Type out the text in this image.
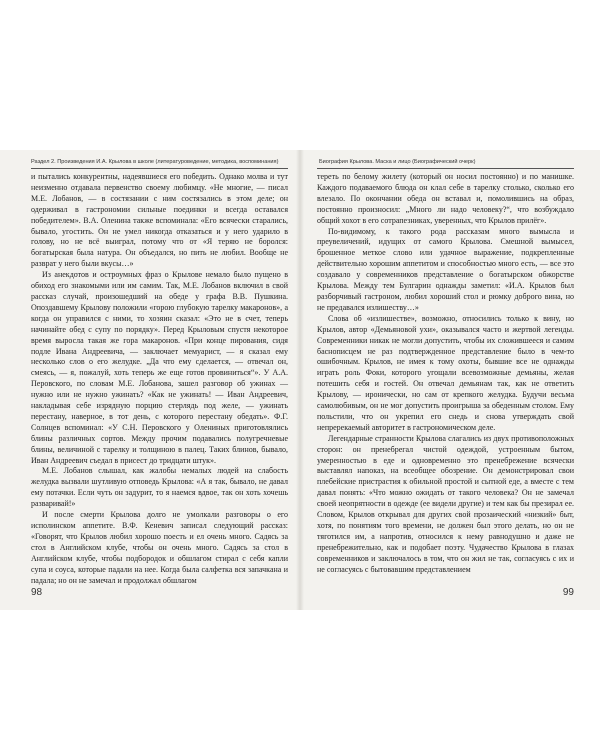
Раздел 2. Произведения И.А. Крылова в школе (литературоведение, методика, воспоминания)

и пытались конкурентны, надеявшиеся его победить. Однако молва и тут неизменно отдавала первенство своему любимцу. «Не многие, — писал М.Е. Лобанов, — в состязании с ним состязались в этом деле; он одерживал в гастрономии сильные поединки и всегда оставался победителем». В.А. Оленина также вспоминала: «Его всячески старались, бывало, угостить. Он не умел никогда отказаться и у него ударило в голову, но не всё выиграл, потому что от «Я теряю не боролся: богатырская была натура. Он объедался, но пить не любил. Вообще не разврат у него были вкусы…»

Из анекдотов и остроумных фраз о Крылове немало было пущено в обиход его знакомыми или им самим. Так, М.Е. Лобанов включил в свой рассказ случай, произошедший на обеде у графа В.В. Пушкина. Опоздавшему Крылову положили «горою глубокую тарелку макаронов», а когда он управился с ними, то хозяин сказал: «Это не в счет, теперь начинайте обед с супу по порядку». Перед Крыловым спустя некоторое время выросла такая же гора макаронов. «При конце пирования, сидя подле Ивана Андреевича, — заключает мемуарист, — я сказал ему несколько слов о его желудке. „Да что ему сделается, — отвечал он, смеясь, — я, пожалуй, хоть теперь же еще готов провиниться“». У А.А. Перовского, по словам М.Е. Лобанова, зашел разговор об ужинах — нужно или не нужно ужинать? «Как не ужинать! — Иван Андреевич, накладывая себе изрядную порцию стерлядь под желе, — ужинать перестану, наверное, в тот день, с которого перестану обедать». Ф.Г. Солнцев вспоминал: «У С.Н. Перовского у Олениных приготовлялись блины различных сортов. Между прочим подавались полугречневые блины, величиной с тарелку и толщиною в палец. Таких блинов, бывало, Иван Андреевич съедал в присест до тридцати штук».

М.Е. Лобанов слышал, как жалобы немалых людей на слабость желудка вызвали шутливую отповедь Крылова: «А я так, бывало, не давал ему потачки. Если чуть он задурит, то я наемся вдвое, так он хоть хочешь разваривай!»

И после смерти Крылова долго не умолкали разговоры о его исполинском аппетите. В.Ф. Кеневич записал следующий рассказ: «Говорят, что Крылов любил хорошо поесть и ел очень много. Садясь за стол в Английском клубе, чтобы он очень много. Садясь за стол в Английском клубе, чтобы подбородок и обшлагом стирал с себя капли супа и соуса, которые падали на нее. Когда была салфетка вся запачкана и падала; но он не замечал и продолжал обшлагом

98
Биография Крылова. Маска и лицо (Биографический очерк)

тереть по белому жилету (который он носил постоянно) и по манишке. Каждого подаваемого блюда он клал себе в тарелку столько, сколько его влезало. По окончании обеда он вставал и, помолившись на образ, постоянно произносил: „Много ли надо человеку?“, что возбуждало общий хохот в его сотрапезниках, уверенных, что Крылов прилёг».

По-видимому, к такого рода рассказам много вымысла и преувеличений, идущих от самого Крылова. Смешной вымысел, брошенное меткое слово или удачное выражение, подкрепленные действительно хорошим аппетитом и способностью много есть, — все это создавало у современников представление о богатырском обжорстве Крылова. Между тем Булгарин однажды заметил: «И.А. Крылов был разборчивый гастроном, любил хороший стол и рюмку доброго вина, но не предавался излишеству…»

Слова об «излишестве», возможно, относились только к вину, но Крылов, автор «Демьяновой ухи», оказывался часто и жертвой легенды. Современники никак не могли допустить, чтобы их сложившееся и самим баснописцем не раз подтвержденное представление было в чем-то ошибочным. Крылов, не имея к тому охоты, бывшие все не однажды играть роль Фоки, которого угощали всевозможные демьяны, желая потешить себя и гостей. Он отвечал демьянам так, как не ответить Крылову, — иронически, но сам от крепкого желудка. Будучи весьма самолюбивым, он не мог допустить проигрыша за обеденным столом. Ему польстили, что он укрепил его снедь и снова утверждать свой непререкаемый авторитет в гастрономическом деле.

Легендарные странности Крылова слагались из двух противоположных сторон: он пренебрегал чистой одеждой, устроенным бытом, умеренностью в еде и одновременно это пренебрежение всячески выставлял напоказ, на всеобщее обозрение. Он демонстрировал свои плебейские пристрастия к обильной простой и сытной еде, а вместе с тем давал понять: «Что можно ожидать от такого человека? Он не замечал своей неопрятности в одежде (ее видели другие) и тем как бы презирал ее. Словом, Крылов открывал для других свой прозаический «низкий» быт, хотя, по понятиям того времени, не должен был этого делать, но он не тяготился им, а напротив, относился к нему равнодушно и даже не пренебрежительно, как и подобает поэту. Чудачество Крылова в глазах современников и заключалось в том, что он жил не так, согласуясь с их и не согласуясь с бытовавшим представлением

99
